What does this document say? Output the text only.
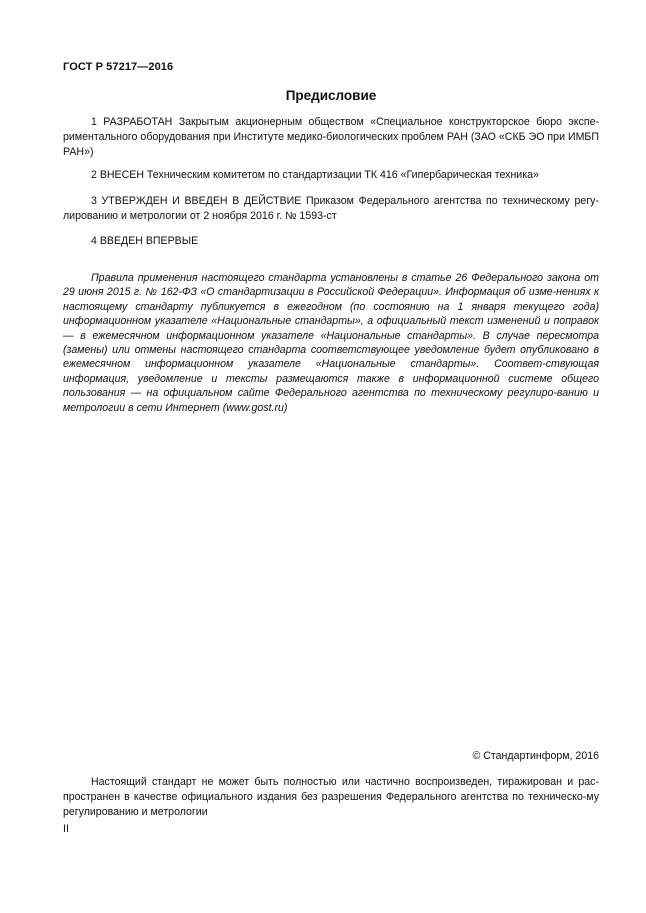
ГОСТ Р 57217—2016
Предисловие

1 РАЗРАБОТАН Закрытым акционерным обществом «Специальное конструкторское бюро экспе-риментального оборудования при Институте медико-биологических проблем РАН (ЗАО «СКБ ЭО при ИМБП РАН»)

2 ВНЕСЕН Техническим комитетом по стандартизации ТК 416 «Гипербарическая техника»

3 УТВЕРЖДЕН И ВВЕДЕН В ДЕЙСТВИЕ Приказом Федерального агентства по техническому регу-лированию и метрологии от 2 ноября 2016 г. № 1593-ст

4 ВВЕДЕН ВПЕРВЫЕ

Правила применения настоящего стандарта установлены в статье 26 Федерального закона от 29 июня 2015 г. № 162-ФЗ «О стандартизации в Российской Федерации». Информация об изме-нениях к настоящему стандарту публикуется в ежегодном (по состоянию на 1 января текущего года) информационном указателе «Национальные стандарты», а официальный текст изменений и поправок — в ежемесячном информационном указателе «Национальные стандарты». В случае пересмотра (замены) или отмены настоящего стандарта соответствующее уведомление будет опубликовано в ежемесячном информационном указателе «Национальные стандарты». Соответ-ствующая информация, уведомление и тексты размещаются также в информационной системе общего пользования — на официальном сайте Федерального агентства по техническому регулиро-ванию и метрологии в сети Интернет (www.gost.ru)

© Стандартинформ, 2016

Настоящий стандарт не может быть полностью или частично воспроизведен, тиражирован и рас-пространен в качестве официального издания без разрешения Федерального агентства по техническо-му регулированию и метрологии

II
